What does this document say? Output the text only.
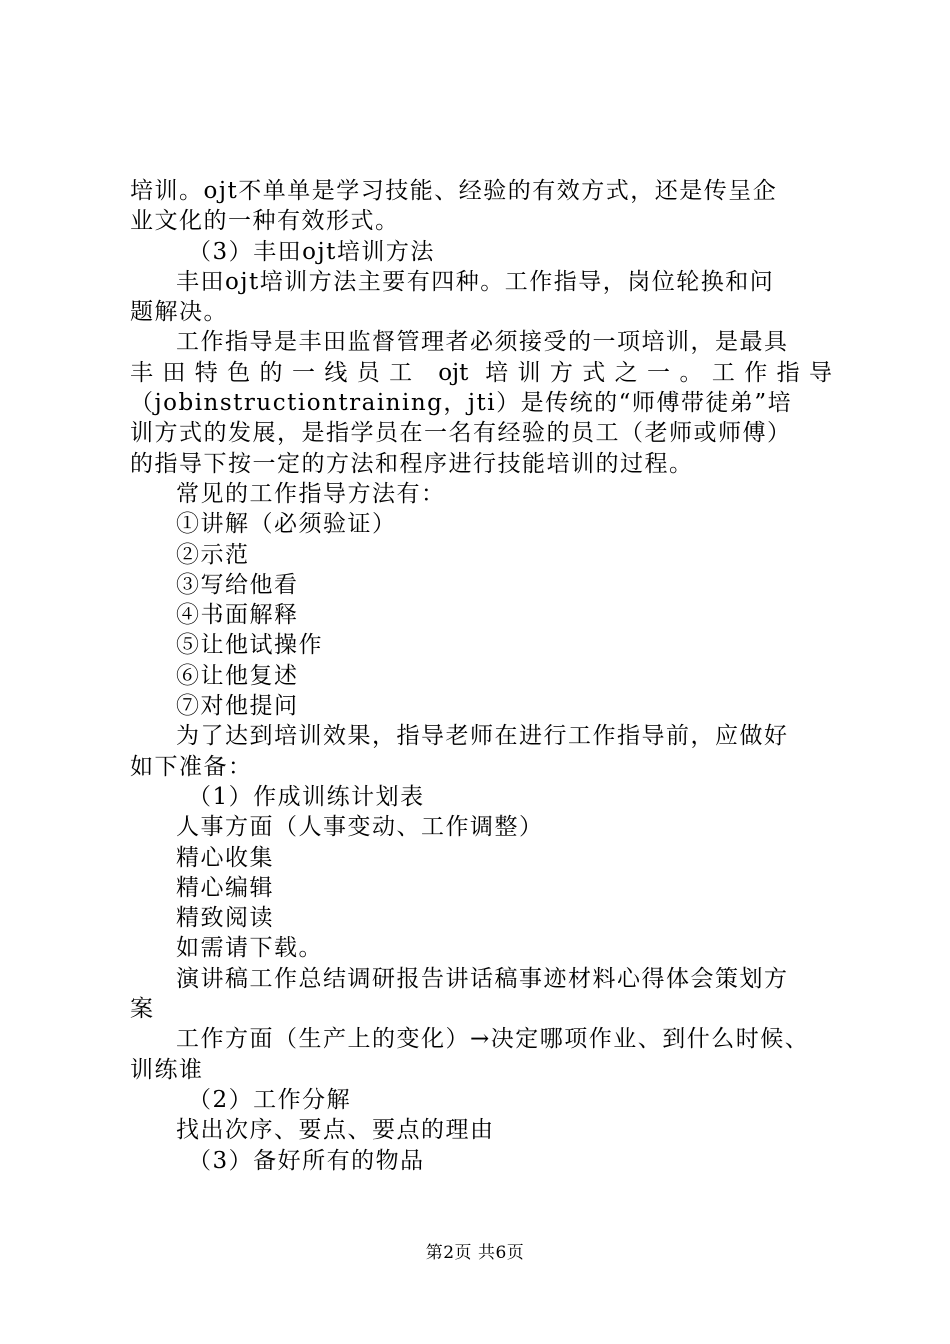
培训。ojt不单单是学习技能、经验的有效方式，还是传呈企
业文化的一种有效形式。
（3）丰田ojt培训方法
丰田ojt培训方法主要有四种。工作指导，岗位轮换和问
题解决。
工作指导是丰田监督管理者必须接受的一项培训，是最具
丰田特色的一线员工 ojt 培训方式之一。工作指导
（jobinstructiontraining，jti）是传统的“师傅带徒弟”培
训方式的发展，是指学员在一名有经验的员工（老师或师傅）
的指导下按一定的方法和程序进行技能培训的过程。
常见的工作指导方法有：
①讲解（必须验证）
②示范
③写给他看
④书面解释
⑤让他试操作
⑥让他复述
⑦对他提问
为了达到培训效果，指导老师在进行工作指导前，应做好
如下准备：
（1）作成训练计划表
人事方面（人事变动、工作调整）
精心收集
精心编辑
精致阅读
如需请下载。
演讲稿工作总结调研报告讲话稿事迹材料心得体会策划方
案
工作方面（生产上的变化）→决定哪项作业、到什么时候、
训练谁
（2）工作分解
找出次序、要点、要点的理由
（3）备好所有的物品
第2页 共6页
